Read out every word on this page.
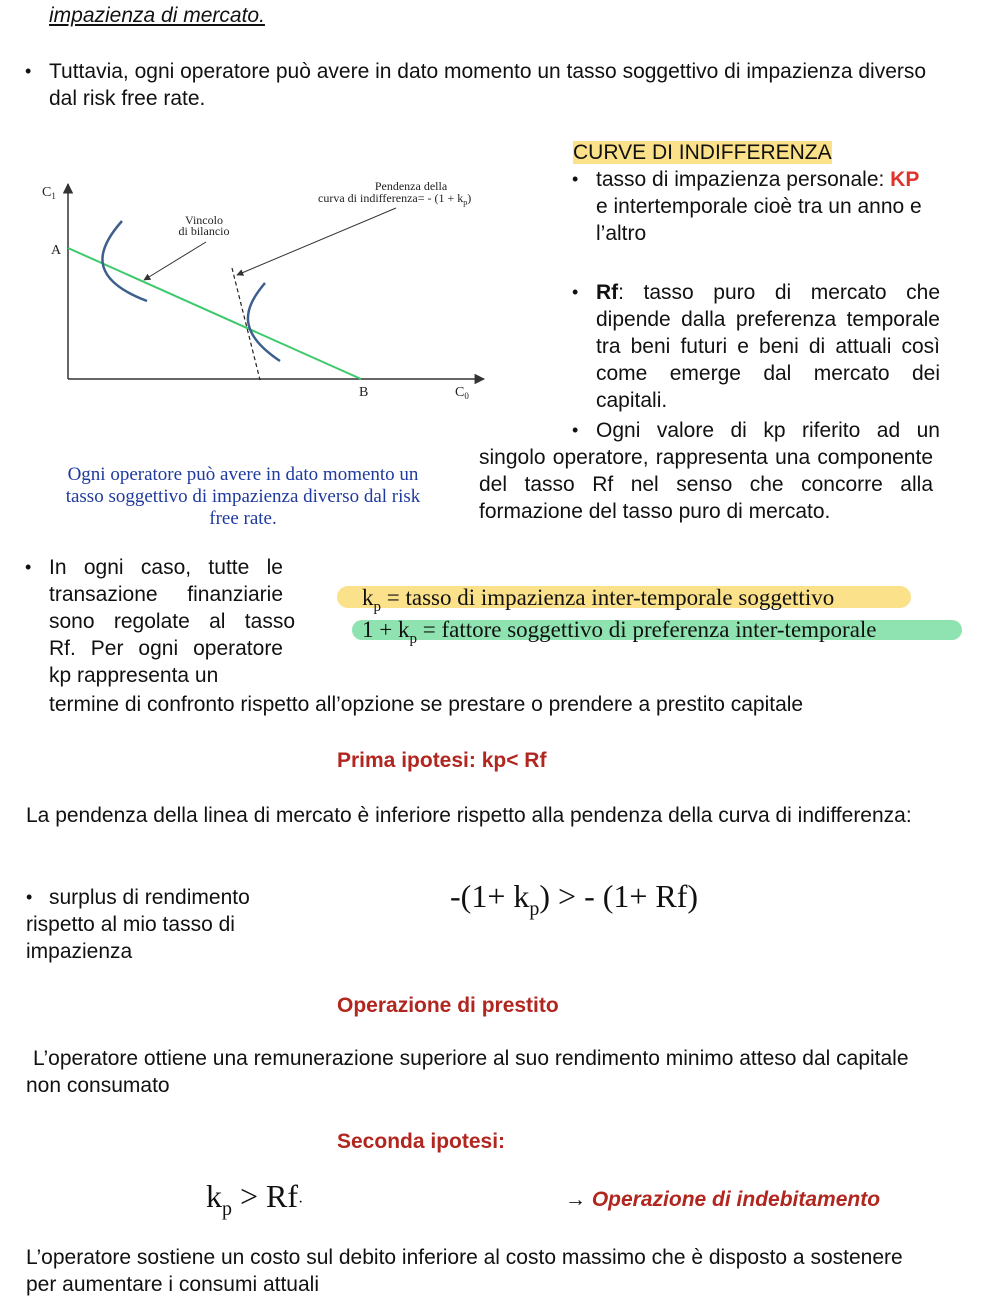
impazienza di mercato.
• Tuttavia, ogni operatore può avere in dato momento un tasso soggettivo di impazienza diverso dal risk free rate.
$C_1$
$C_0$
A
B
Vincolo
di bilancio
Pendenza della
curva di indifferenza= - $(1 + k_p)$
Ogni operatore può avere in dato momento un tasso soggettivo di impazienza diverso dal risk free rate.
CURVE DI INDIFFERENZA
• tasso di impazienza personale: KP
e intertemporale cioè tra un anno e l’altro
• Rf: tasso puro di mercato che dipende dalla preferenza temporale tra beni futuri e beni di attuali così come emerge dal mercato dei capitali.
• Ogni valore di kp riferito ad un
singolo operatore, rappresenta una componente del tasso Rf nel senso che concorre alla formazione del tasso puro di mercato.
• In ogni caso, tutte le
transazione finanziarie
sono regolate al tasso
Rf. Per ogni operatore
kp rappresenta un
termine di confronto rispetto all’opzione se prestare o prendere a prestito capitale
$k_p$ = tasso di impazienza inter-temporale soggettivo
$1 + k_p$ = fattore soggettivo di preferenza inter-temporale
Prima ipotesi: kp< Rf
La pendenza della linea di mercato è inferiore rispetto alla pendenza della curva di indifferenza:
• surplus di rendimento
rispetto al mio tasso di
impazienza
$-(1+ k_p)$ > - (1+ Rf)
Operazione di prestito
L’operatore ottiene una remunerazione superiore al suo rendimento minimo atteso dal capitale non consumato
Seconda ipotesi:
$k_p > Rf\cdot$	→ Operazione di indebitamento
L’operatore sostiene un costo sul debito inferiore al costo massimo che è disposto a sostenere per aumentare i consumi attuali
